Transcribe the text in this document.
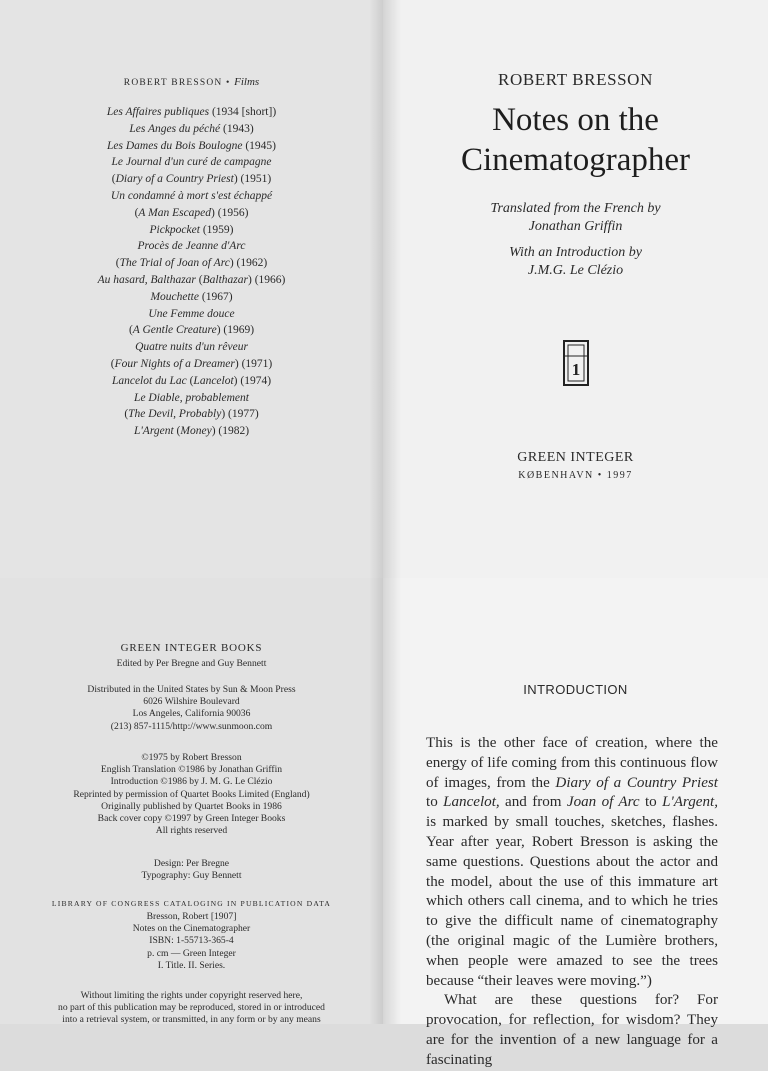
ROBERT BRESSON • Films
Les Affaires publiques (1934 [short])
Les Anges du péché (1943)
Les Dames du Bois Boulogne (1945)
Le Journal d'un curé de campagne
(Diary of a Country Priest) (1951)
Un condamné à mort s'est échappé
(A Man Escaped) (1956)
Pickpocket (1959)
Procès de Jeanne d'Arc
(The Trial of Joan of Arc) (1962)
Au hasard, Balthazar (Balthazar) (1966)
Mouchette (1967)
Une Femme douce
(A Gentle Creature) (1969)
Quatre nuits d'un rêveur
(Four Nights of a Dreamer) (1971)
Lancelot du Lac (Lancelot) (1974)
Le Diable, probablement
(The Devil, Probably) (1977)
L'Argent (Money) (1982)
ROBERT BRESSON
Notes on the
Cinematographer
Translated from the French by
Jonathan Griffin
With an Introduction by
J.M.G. Le Clézio
1
GREEN INTEGER
KØBENHAVN • 1997
GREEN INTEGER BOOKS
Edited by Per Bregne and Guy Bennett
Distributed in the United States by Sun & Moon Press
6026 Wilshire Boulevard
Los Angeles, California 90036
(213) 857-1115/http://www.sunmoon.com
©1975 by Robert Bresson
English Translation ©1986 by Jonathan Griffin
Introduction ©1986 by J. M. G. Le Clézio
Reprinted by permission of Quartet Books Limited (England)
Originally published by Quartet Books in 1986
Back cover copy ©1997 by Green Integer Books
All rights reserved
Design: Per Bregne
Typography: Guy Bennett
LIBRARY OF CONGRESS CATALOGING IN PUBLICATION DATA
Bresson, Robert [1907]
Notes on the Cinematographer
ISBN: 1-55713-365-4
p. cm — Green Integer
I. Title. II. Series.
Without limiting the rights under copyright reserved here,
no part of this publication may be reproduced, stored in or introduced
into a retrieval system, or transmitted, in any form or by any means
INTRODUCTION

This is the other face of creation, where the energy of life coming from this continuous flow of images, from the Diary of a Country Priest to Lancelot, and from Joan of Arc to L'Argent, is marked by small touches, sketches, flashes. Year after year, Robert Bresson is asking the same questions. Questions about the actor and the model, about the use of this immature art which others call cinema, and to which he tries to give the difficult name of cinematography (the original magic of the Lumière brothers, when people were amazed to see the trees because “their leaves were moving.”)

What are these questions for? For provocation, for reflection, for wisdom? They are for the invention of a new language for a fascinating
